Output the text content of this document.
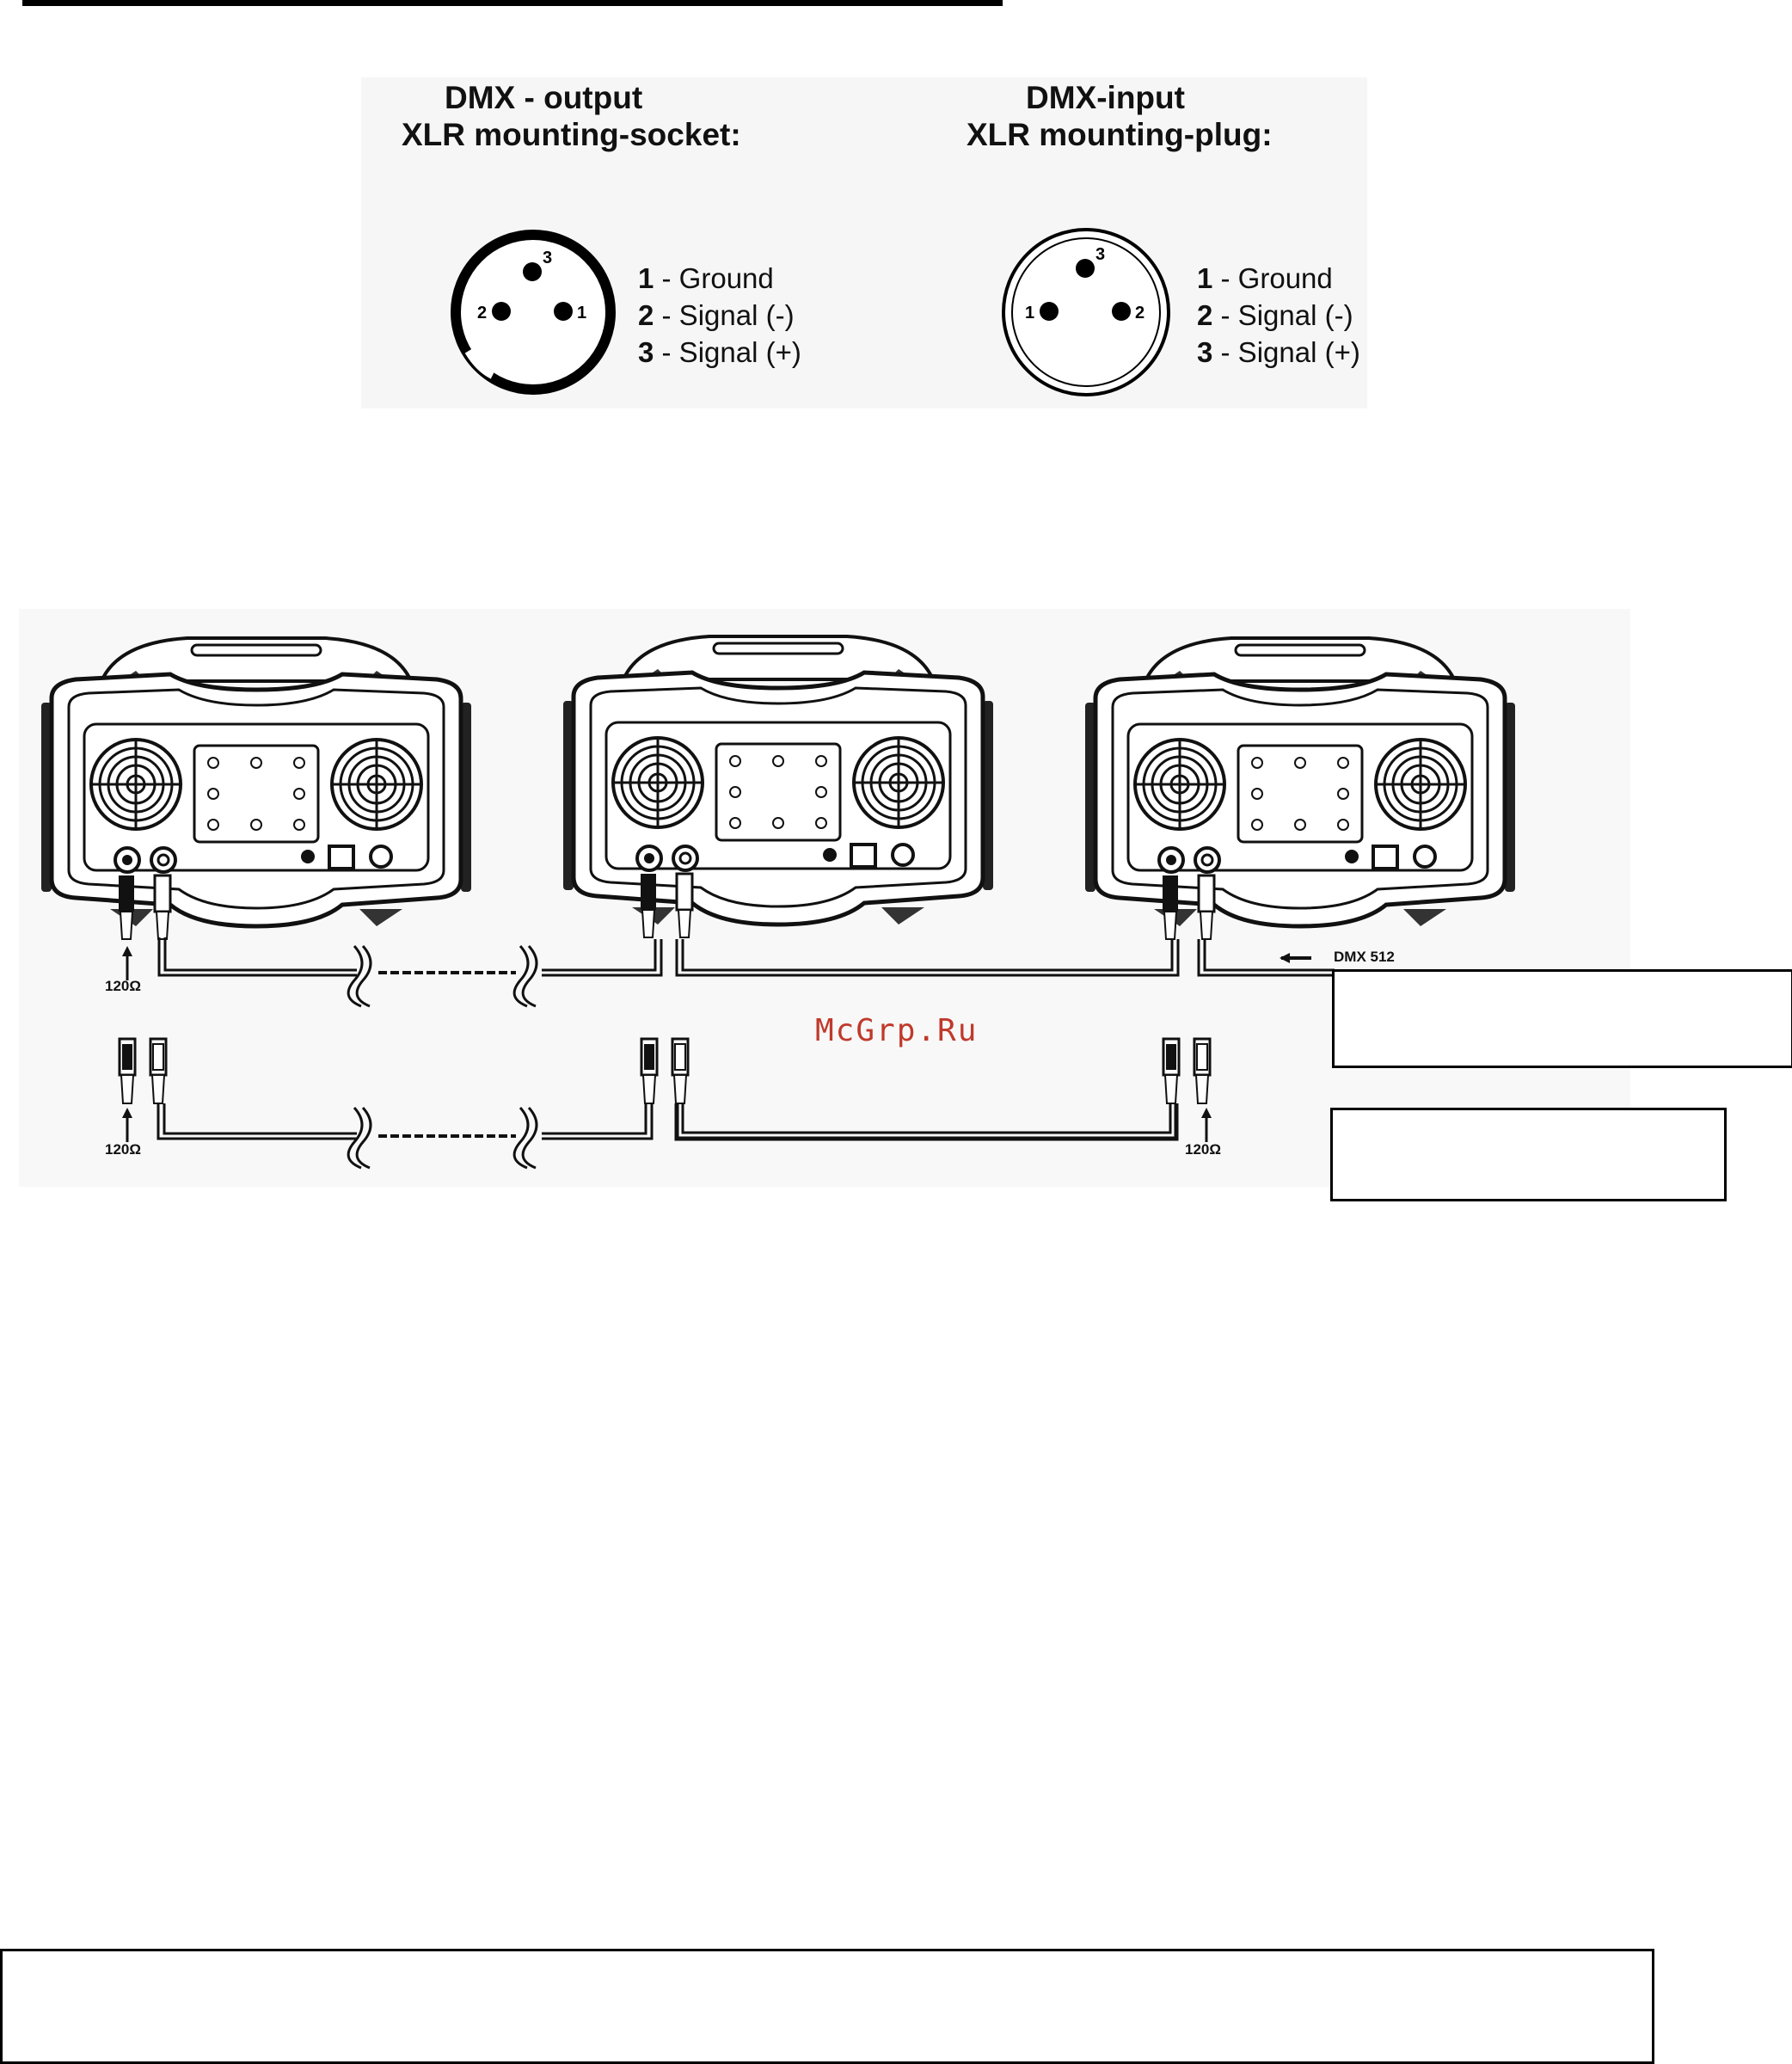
DMX - output
XLR mounting-socket:
DMX-input
XLR mounting-plug:
3
2	1
1 - Ground
2 - Signal (-)
3 - Signal (+)
3
1	2
1 - Ground
2 - Signal (-)
3 - Signal (+)
DMX 512
120Ω
120Ω	120Ω
McGrp.Ru
